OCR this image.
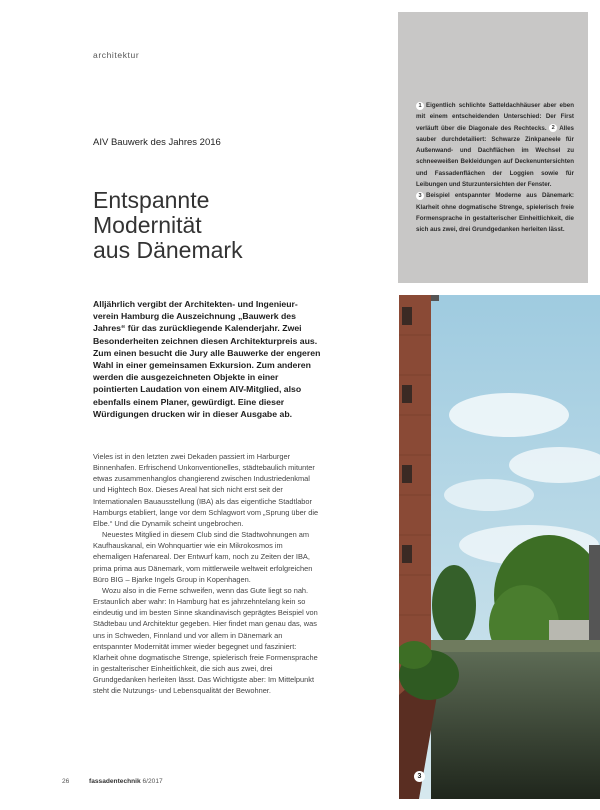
architektur
AIV Bauwerk des Jahres 2016
Entspannte
Modernität
aus Dänemark
Alljährlich vergibt der Architekten- und Ingenieur-verein Hamburg die Auszeichnung „Bauwerk des Jahres“ für das zurückliegende Kalenderjahr. Zwei Besonderheiten zeichnen diesen Architekturpreis aus. Zum einen besucht die Jury alle Bauwerke der engeren Wahl in einer gemeinsamen Exkursion. Zum anderen werden die ausgezeichneten Objekte in einer pointierten Laudation von einem AIV-Mitglied, also ebenfalls einem Planer, gewürdigt. Eine dieser Würdigungen drucken wir in dieser Ausgabe ab.

Vieles ist in den letzten zwei Dekaden passiert im Harburger Binnenhafen. Erfrischend Unkonventionelles, städtebaulich mitunter etwas zusammenhanglos changierend zwischen Industriedenkmal und Hightech Box. Dieses Areal hat sich nicht erst seit der Internationalen Bauausstellung (IBA) als das eigentliche Stadtlabor Hamburgs etabliert, lange vor dem Schlagwort vom „Sprung über die Elbe.“ Und die Dynamik scheint ungebrochen.

Neuestes Mitglied in diesem Club sind die Stadtwohnungen am Kaufhauskanal, ein Wohnquartier wie ein Mikrokosmos im ehemaligen Hafenareal. Der Entwurf kam, noch zu Zeiten der IBA, prima prima aus Dänemark, vom mittlerweile weltweit erfolgreichen Büro BIG – Bjarke Ingels Group in Kopenhagen.

Wozu also in die Ferne schweifen, wenn das Gute liegt so nah. Erstaunlich aber wahr: In Hamburg hat es jahrzehntelang kein so eindeutig und im besten Sinne skandinavisch geprägtes Beispiel von Städtebau und Architektur gegeben. Hier findet man genau das, was uns in Schweden, Finnland und vor allem in Dänemark an entspannter Modernität immer wieder begegnet und fasziniert: Klarheit ohne dogmatische Strenge, spielerisch freie Formensprache in gestalterischer Einheitlichkeit, die sich aus zwei, drei Grundgedanken herleiten lässt. Das Wichtigste aber: Im Mittelpunkt steht die Nutzungs- und Lebensqualität der Bewohner.

1 Eigentlich schlichte Satteldachhäuser aber eben mit einem entscheidenden Unterschied: Der First verläuft über die Diagonale des Rechtecks. 2 Alles sauber durchdetailiert: Schwarze Zinkpaneele für Außenwand- und Dachflächen im Wechsel zu schneeweißen Bekleidungen auf Deckenuntersichten und Fassadenflächen der Loggien sowie für Leibungen und Sturzuntersichten der Fenster.
3 Beispiel entspannter Moderne aus Dänemark: Klarheit ohne dogmatische Strenge, spielerisch freie Formensprache in gestalterischer Einheitlichkeit, die sich aus zwei, drei Grundgedanken herleiten lässt.
3
26	fassadentechnik 6/2017
